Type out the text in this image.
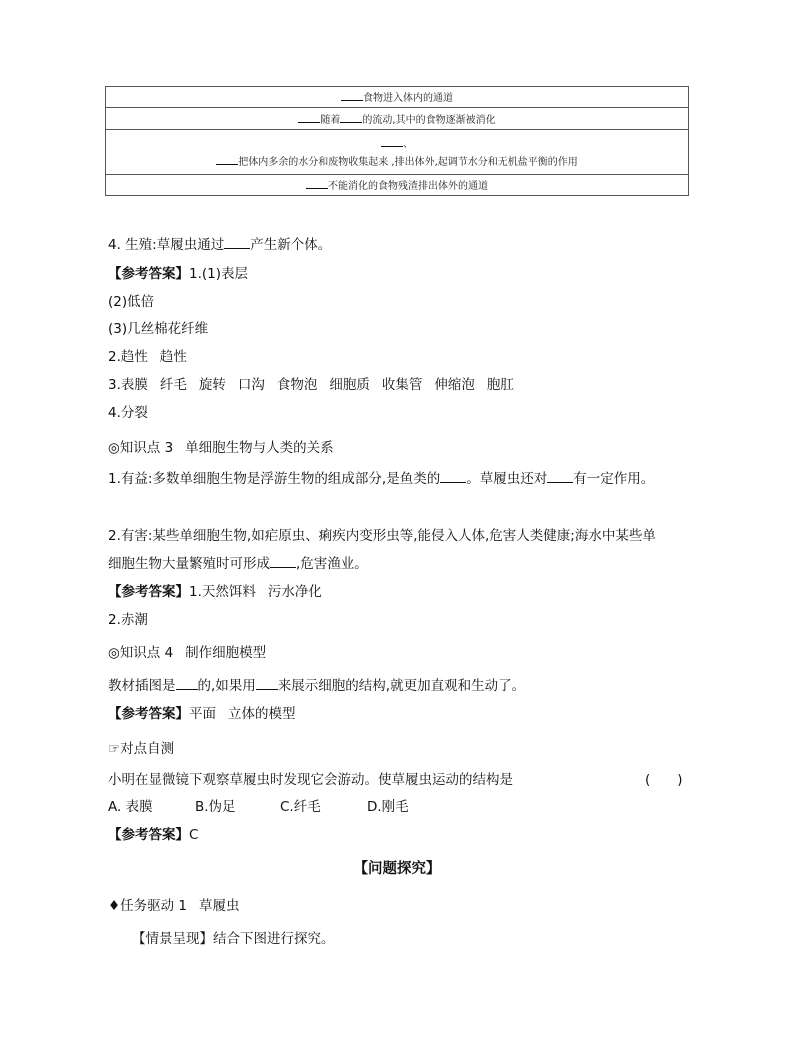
食物进入体内的通道
随着 的流动,其中的食物逐渐被消化

、
把体内多余的水分和废物收集起来 ,排出体外,起调节水分和无机盐平衡的作用

不能消化的食物残渣排出体外的通道
4. 生殖:草履虫通过 产生新个体。
【参考答案】1.(1)表层
(2)低倍
(3)几丝棉花纤维
2.趋性 趋性
3.表膜 纤毛 旋转 口沟 食物泡 细胞质 收集管 伸缩泡 胞肛
4.分裂
◎知识点 3 单细胞生物与人类的关系
1.有益:多数单细胞生物是浮游生物的组成部分,是鱼类的 。草履虫还对 有一定作用。
2.有害:某些单细胞生物,如疟原虫、痢疾内变形虫等,能侵入人体,危害人类健康;海水中某些单
细胞生物大量繁殖时可形成 ,危害渔业。
【参考答案】1.天然饵料 污水净化
2.赤潮
◎知识点 4 制作细胞模型
教材插图是 的,如果用 来展示细胞的结构,就更加直观和生动了。
【参考答案】平面 立体的模型
☞对点自测
小明在显微镜下观察草履虫时发现它会游动。使草履虫运动的结构是	(　　)
A. 表膜	B.伪足	C.纤毛	D.刚毛
【参考答案】C
【问题探究】
♦任务驱动 1 草履虫
【情景呈现】结合下图进行探究。
